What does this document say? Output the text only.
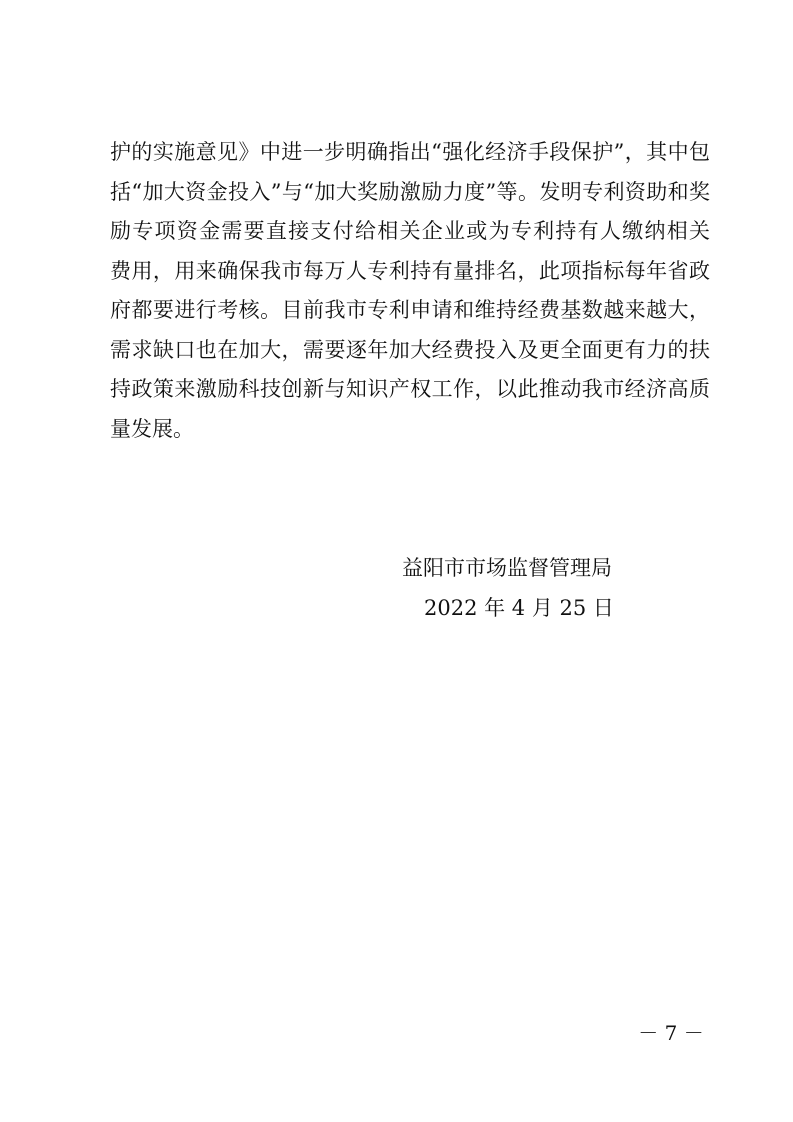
护的实施意见》中进一步明确指出“强化经济手段保护”，其中包
括“加大资金投入”与“加大奖励激励力度”等。发明专利资助和奖
励专项资金需要直接支付给相关企业或为专利持有人缴纳相关
费用，用来确保我市每万人专利持有量排名，此项指标每年省政
府都要进行考核。目前我市专利申请和维持经费基数越来越大，
需求缺口也在加大，需要逐年加大经费投入及更全面更有力的扶
持政策来激励科技创新与知识产权工作，以此推动我市经济高质
量发展。
益阳市市场监督管理局
2022 年 4 月 25 日
－ 7 －
